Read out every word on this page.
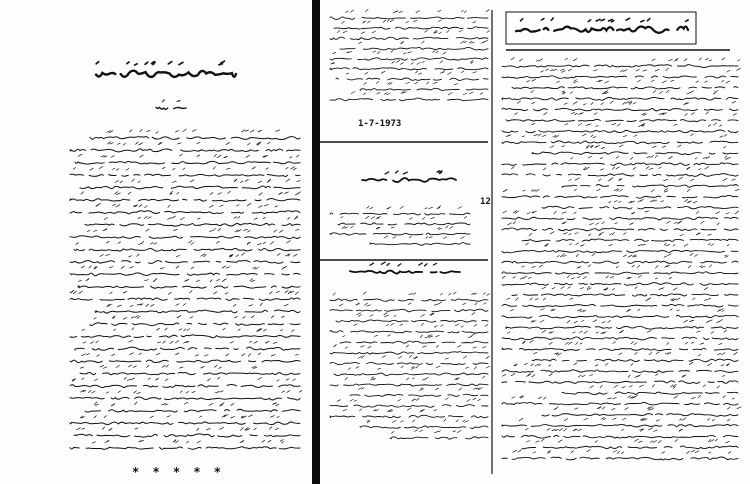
* * * * *
1-7-1973
12
